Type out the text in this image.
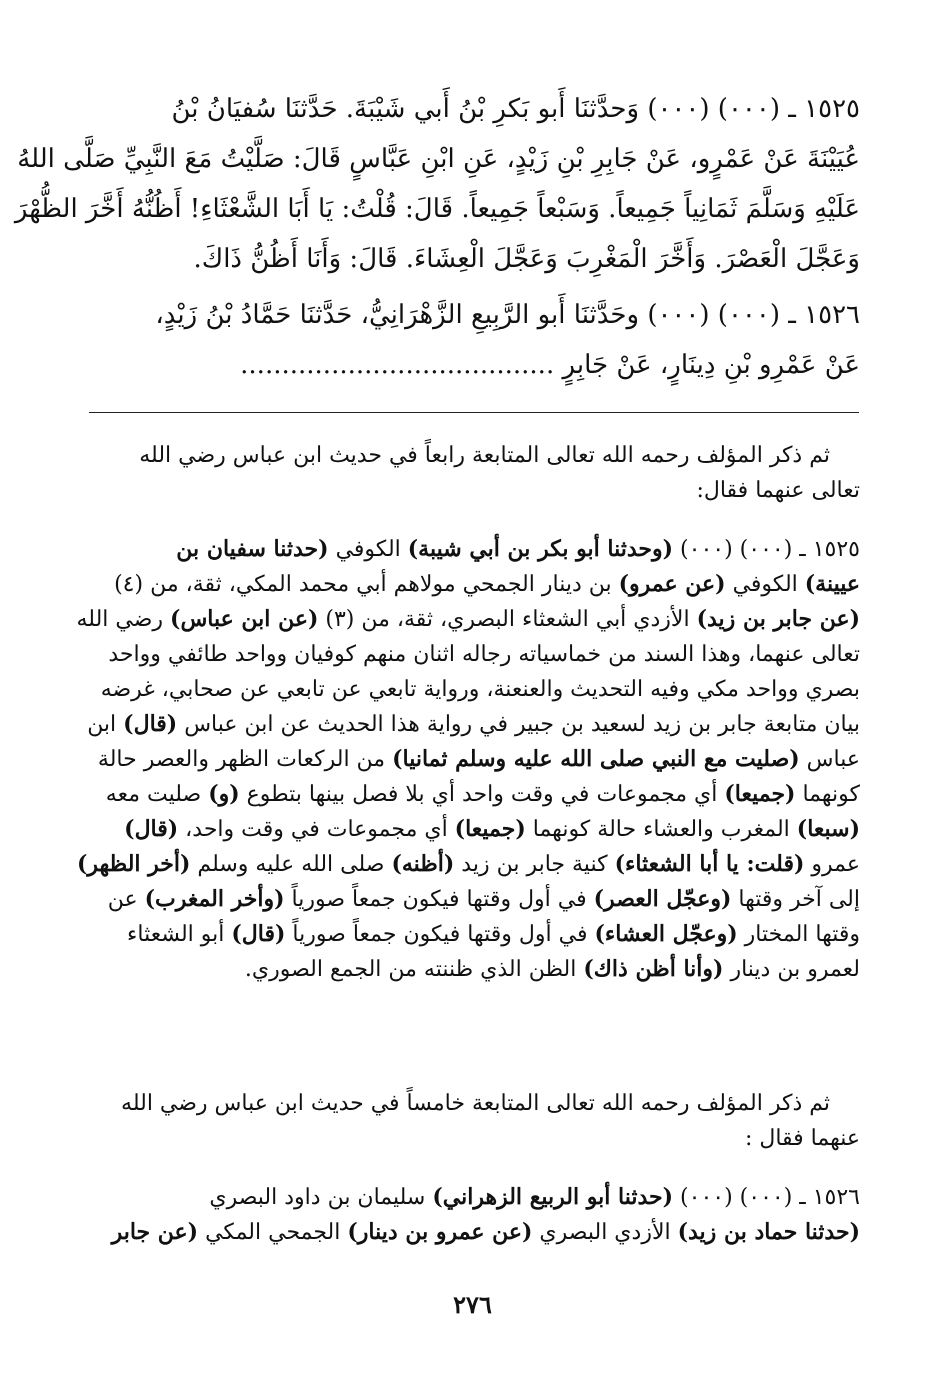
١٥٢٥ ـ (٠٠٠) (٠٠٠) وَحدَّثنَا أَبو بَكرِ بْنُ أَبي شَيْبَةَ. حَدَّثنَا سُفيَانُ بْنُ
عُيَيْنَةَ عَنْ عَمْرٍو، عَنْ جَابِرِ بْنِ زَيْدٍ، عَنِ ابْنِ عَبَّاسٍ قَالَ: صَلَّيْتُ مَعَ النَّبِيِّ صَلَّى اللهُ
عَلَيْهِ وَسَلَّمَ ثَمَانِياً جَمِيعاً. وَسَبْعاً جَمِيعاً. قَالَ: قُلْتُ: يَا أَبَا الشَّعْثَاءِ! أَظُنُّهُ أَخَّرَ الظُّهْرَ
وَعَجَّلَ الْعَصْرَ. وَأَخَّرَ الْمَغْرِبَ وَعَجَّلَ الْعِشَاءَ. قَالَ: وَأَنَا أَظُنُّ ذَاكَ.
١٥٢٦ ـ (٠٠٠) (٠٠٠) وحَدَّثنَا أَبو الرَّبِيعِ الزَّهْرَانِيُّ، حَدَّثنَا حَمَّادُ بْنُ زَيْدٍ،
عَنْ عَمْرِو بْنِ دِينَارٍ، عَنْ جَابِرٍ ......................................
ثم ذكر المؤلف رحمه الله تعالى المتابعة رابعاً في حديث ابن عباس رضي الله
تعالى عنهما فقال:
١٥٢٥ ـ (٠٠٠) (٠٠٠) (وحدثنا أبو بكر بن أبي شيبة) الكوفي (حدثنا سفيان بن
عيينة) الكوفي (عن عمرو) بن دينار الجمحي مولاهم أبي محمد المكي، ثقة، من (٤)
(عن جابر بن زيد) الأزدي أبي الشعثاء البصري، ثقة، من (٣) (عن ابن عباس) رضي الله
تعالى عنهما، وهذا السند من خماسياته رجاله اثنان منهم كوفيان وواحد طائفي وواحد
بصري وواحد مكي وفيه التحديث والعنعنة، ورواية تابعي عن تابعي عن صحابي، غرضه
بيان متابعة جابر بن زيد لسعيد بن جبير في رواية هذا الحديث عن ابن عباس (قال) ابن
عباس (صليت مع النبي صلى الله عليه وسلم ثمانيا) من الركعات الظهر والعصر حالة
كونهما (جميعا) أي مجموعات في وقت واحد أي بلا فصل بينها بتطوع (و) صليت معه
(سبعا) المغرب والعشاء حالة كونهما (جميعا) أي مجموعات في وقت واحد، (قال)
عمرو (قلت: يا أبا الشعثاء) كنية جابر بن زيد (أظنه) صلى الله عليه وسلم (أخر الظهر)
إلى آخر وقتها (وعجّل العصر) في أول وقتها فيكون جمعاً صورياً (وأخر المغرب) عن
وقتها المختار (وعجّل العشاء) في أول وقتها فيكون جمعاً صورياً (قال) أبو الشعثاء
لعمرو بن دينار (وأنا أظن ذاك) الظن الذي ظننته من الجمع الصوري.
ثم ذكر المؤلف رحمه الله تعالى المتابعة خامساً في حديث ابن عباس رضي الله
عنهما فقال :
١٥٢٦ ـ (٠٠٠) (٠٠٠) (حدثنا أبو الربيع الزهراني) سليمان بن داود البصري
(حدثنا حماد بن زيد) الأزدي البصري (عن عمرو بن دينار) الجمحي المكي (عن جابر
٢٧٦
